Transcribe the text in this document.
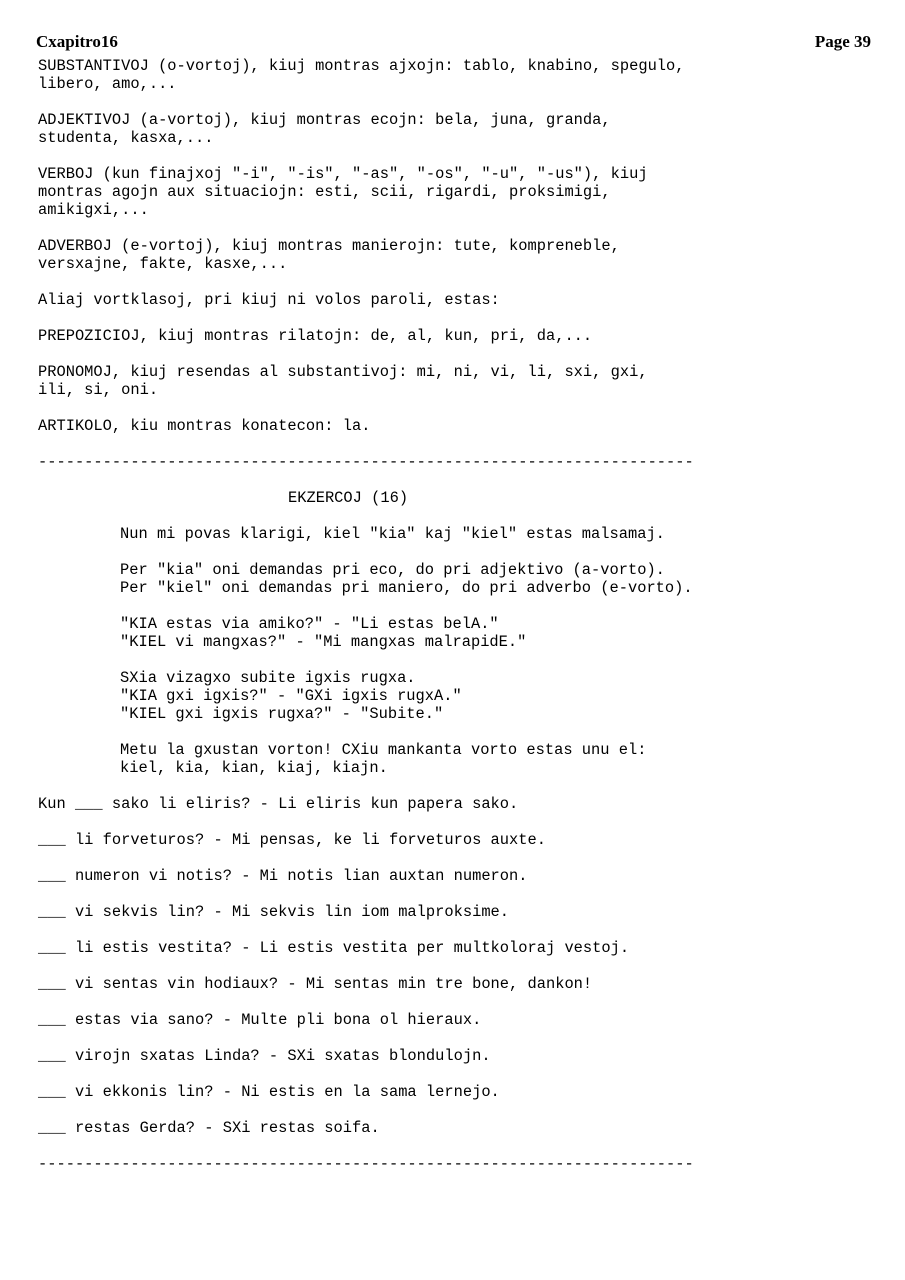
Cxapitro16	Page 39
SUBSTANTIVOJ (o-vortoj), kiuj montras ajxojn: tablo, knabino, spegulo,
libero, amo,...
ADJEKTIVOJ (a-vortoj), kiuj montras ecojn: bela, juna, granda,
studenta, kasxa,...
VERBOJ (kun finajxoj "-i", "-is", "-as", "-os", "-u", "-us"), kiuj
montras agojn aux situaciojn: esti, scii, rigardi, proksimigi,
amikigxi,...
ADVERBOJ (e-vortoj), kiuj montras manierojn: tute, kompreneble,
versxajne, fakte, kasxe,...
Aliaj vortklasoj, pri kiuj ni volos paroli, estas:
PREPOZICIOJ, kiuj montras rilatojn: de, al, kun, pri, da,...
PRONOMOJ, kiuj resendas al substantivoj: mi, ni, vi, li, sxi, gxi,
ili, si, oni.
ARTIKOLO, kiu montras konatecon: la.
-----------------------------------------------------------------------
EKZERCOJ (16)
Nun mi povas klarigi, kiel "kia" kaj "kiel" estas malsamaj.
Per "kia" oni demandas pri eco, do pri adjektivo (a-vorto).
Per "kiel" oni demandas pri maniero, do pri adverbo (e-vorto).
"KIA estas via amiko?" - "Li estas belA."
"KIEL vi mangxas?" - "Mi mangxas malrapidE."
SXia vizagxo subite igxis rugxa.
"KIA gxi igxis?" - "GXi igxis rugxA."
"KIEL gxi igxis rugxa?" - "Subite."
Metu la gxustan vorton! CXiu mankanta vorto estas unu el:
kiel, kia, kian, kiaj, kiajn.
Kun ___ sako li eliris? - Li eliris kun papera sako.
___ li forveturos? - Mi pensas, ke li forveturos auxte.
___ numeron vi notis? - Mi notis lian auxtan numeron.
___ vi sekvis lin? - Mi sekvis lin iom malproksime.
___ li estis vestita? - Li estis vestita per multkoloraj vestoj.
___ vi sentas vin hodiaux? - Mi sentas min tre bone, dankon!
___ estas via sano? - Multe pli bona ol hieraux.
___ virojn sxatas Linda? - SXi sxatas blondulojn.
___ vi ekkonis lin? - Ni estis en la sama lernejo.
___ restas Gerda? - SXi restas soifa.
-----------------------------------------------------------------------
